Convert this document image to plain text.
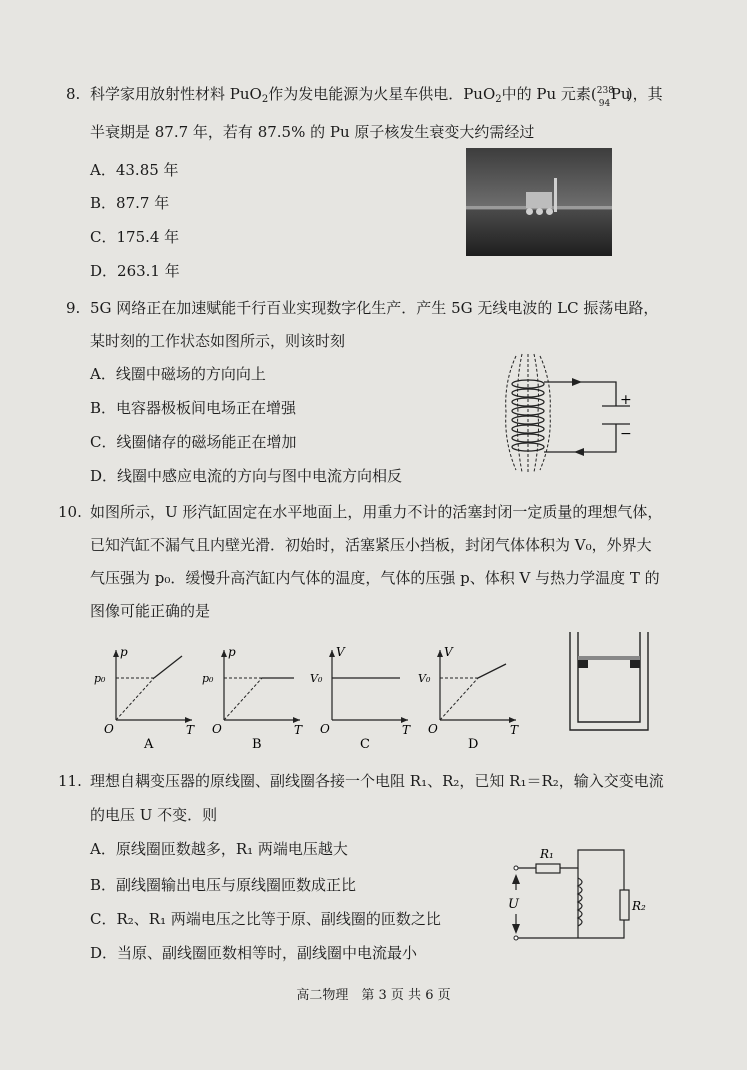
8. 科学家用放射性材料 PuO$_2$作为发电能源为火星车供电．PuO$_2$中的 Pu 元素( 238
94
Pu
)，其
半衰期是 87.7 年，若有 87.5% 的 Pu 原子核发生衰变大约需经过
A．43.85 年
B．87.7 年
C．175.4 年
D．263.1 年
9. 5G 网络正在加速赋能千行百业实现数字化生产．产生 5G 无线电波的 LC 振荡电路，
某时刻的工作状态如图所示，则该时刻
A．线圈中磁场的方向向上
B．电容器极板间电场正在增强
C．线圈储存的磁场能正在增加
D．线圈中感应电流的方向与图中电流方向相反
+
−
10. 如图所示，U 形汽缸固定在水平地面上，用重力不计的活塞封闭一定质量的理想气体，
已知汽缸不漏气且内壁光滑．初始时，活塞紧压小挡板，封闭气体体积为 V₀，外界大
气压强为 p₀．缓慢升高汽缸内气体的温度，气体的压强 p、体积 V 与热力学温度 T 的
图像可能正确的是
p
T
O
p₀
A
p
T
O
p₀
B
V
T
O
V₀
C
V
T
O
V₀
D
11. 理想自耦变压器的原线圈、副线圈各接一个电阻 R₁、R₂，已知 R₁＝R₂，输入交变电流
的电压 U 不变．则
A．原线圈匝数越多，R₁ 两端电压越大
B．副线圈输出电压与原线圈匝数成正比
C．R₂、R₁ 两端电压之比等于原、副线圈的匝数之比
D．当原、副线圈匝数相等时，副线圈中电流最小
R₁
R₂
U
高二物理　第 3 页 共 6 页
